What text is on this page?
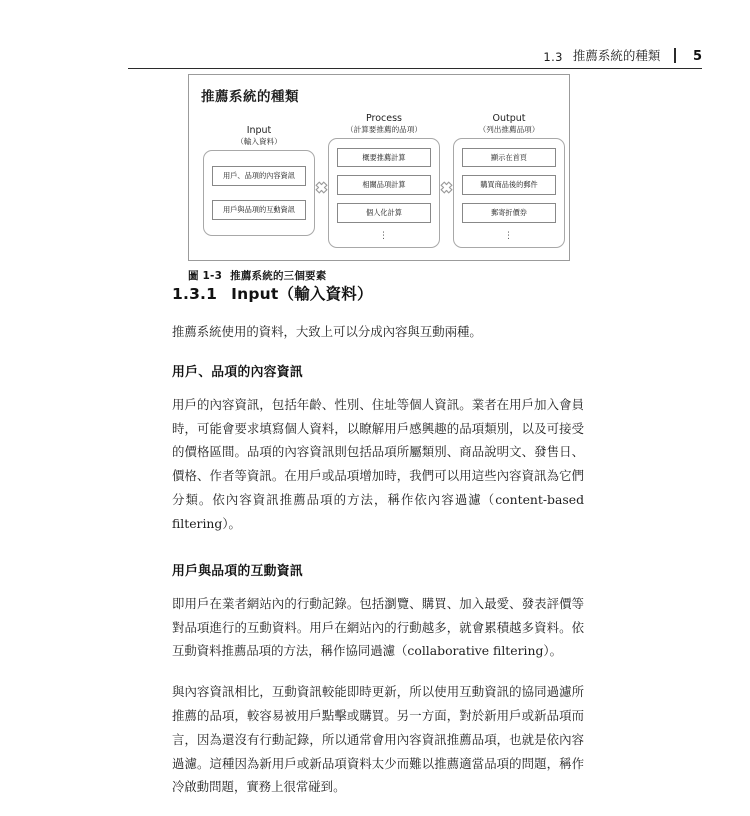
1.3 推薦系統的種類	5
推薦系統的種類
Input
（輸入資料）
用戶、品項的內容資訊
用戶與品項的互動資訊
Process
（計算要推薦的品項）
概要推薦計算
相關品項計算
個人化計算
⋮
Output
（列出推薦品項）
顯示在首頁
購買商品後的郵件
郵寄折價券
⋮
圖 1-3 推薦系統的三個要素
1.3.1 Input（輸入資料）

推薦系統使用的資料，大致上可以分成內容與互動兩種。

用戶、品項的內容資訊

用戶的內容資訊，包括年齡、性別、住址等個人資訊。業者在用戶加入會員時，可能會要求填寫個人資料，以瞭解用戶感興趣的品項類別，以及可接受的價格區間。品項的內容資訊則包括品項所屬類別、商品說明文、發售日、價格、作者等資訊。在用戶或品項增加時，我們可以用這些內容資訊為它們分類。依內容資訊推薦品項的方法，稱作依內容過濾（content-based filtering）。

用戶與品項的互動資訊

即用戶在業者網站內的行動記錄。包括瀏覽、購買、加入最愛、發表評價等對品項進行的互動資料。用戶在網站內的行動越多，就會累積越多資料。依互動資料推薦品項的方法，稱作協同過濾（collaborative filtering）。

與內容資訊相比，互動資訊較能即時更新，所以使用互動資訊的協同過濾所推薦的品項，較容易被用戶點擊或購買。另一方面，對於新用戶或新品項而言，因為還沒有行動記錄，所以通常會用內容資訊推薦品項，也就是依內容過濾。這種因為新用戶或新品項資料太少而難以推薦適當品項的問題，稱作冷啟動問題，實務上很常碰到。
